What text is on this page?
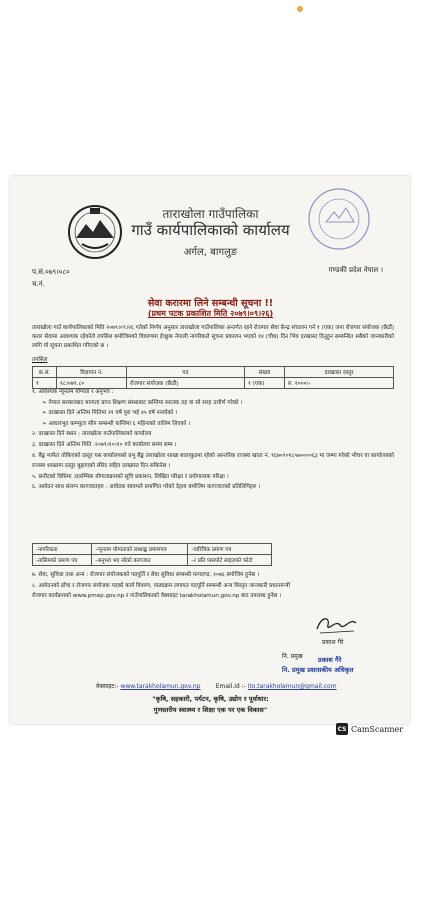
ताराखोला गाउँपालिका
गाउँ कार्यपालिकाको कार्यालय
अर्गल, बागलुङ
प.सं.०७९।०८०
च.नं.
गण्डकी प्रदेश नेपाल ।
सेवा करारमा लिने सम्बन्धी सूचना !!
(प्रथम पटक प्रकाशित मिति २०७९।०९।२६)
ताराखोला गाउँ कार्यपालिकाको मिति २०७९।०९।२६ गतेको निर्णय अनुसार ताराखोला गाउँपालिका अन्तर्गत रहने रोजगार सेवा केन्द्र संचालन गर्न १ (एक) जना रोजगार संयोजक (छैठौं) करार सेवामा आवश्यक रहेकोले तपसिल बमोजिमको विवरणमा ईच्छुक नेपाली नागरिकले सूचना प्रकाशन भएको १४ (चौध) दिन भित्र दरखास्त दिनुहुन सम्बन्धित सबैको जानकारीको लागि यो सूचना प्रकाशित गरिएको छ ।
तपसिल
क.सं.	विज्ञापन नं.	पद	संख्या	दरखास्त दस्तुर
१	१८।०७९.८०	रोजगार संयोजक (छैठौं)	१ (एक)	रु. १०००।-
१. आवश्यक न्यूनतम योग्यता र अनुभव :
➢ नेपाल सरकारबाट मान्यता प्राप्त शिक्षण संस्थाबाट कम्तिमा स्नातक तह वा सो सरह उत्तीर्ण गरेको ।
➢ दरखास्त दिने अन्तिम मितिमा २१ वर्ष पुरा भई ४५ वर्ष ननाघेको ।
➢ आधारभूत कम्प्युटर सीप सम्बन्धी कम्तिमा ६ महिनाको तालिम लिएको ।
२. दरखास्त दिने स्थान : ताराखोला गाउँपालिकाको कार्यालय
३. दरखास्त दिने अन्तिम मिति :२०७९।१०।१० गते कार्यालय समय सम्म ।
४. बैंङ्क मार्फत तोकिएको दस्तुर यस कार्यालयको प्रभु बैंङ्क ताराखोला शाखा बालाकुडमा रहेको आन्तरिक राजस्व खाता नं. १६७०९०१८५७००००६३ मा जम्मा गरेको भौचर वा कार्यालयको राजस्व शाखामा दस्तुर बुझाएको रसिद सहित दरखास्त दिन सकिनेछ ।
५. छनौटको विधिमा :प्रारम्भिक योग्यताक्रमको सूचि प्रकाशन, लिखित परिक्षा र प्रयोगात्मक परिक्षा ।
६. आवेदन साथ संलग्न कागजातहरु : आवेदक स्वयमले प्रमाणित गरेको देहाय बमोजिम कागजातको प्रतिलिपिहरु ।
-नागरिकता	-न्यूनतम योग्यताको लब्धाङ्क प्रमाणपत्र	-चारित्रिक प्रमाण पत्र
-तालिमको प्रमाण पत्र	-अनुभव भए सोको कागजात	-२ प्रति पासपोर्ट साइजको फोटो
७. सेवा, सुविधा तथा अन्य : रोजगार संयोजकको पदपूर्ति र सेवा सुविधा सम्बन्धी मापदण्ड, २०७६ बमोजिम हुनेछ ।
८. आवेदनको ढाँचा र रोजगार संयोजक पदको कार्य विवरण, पाठ्यक्रम लगायत पदपूर्ति सम्बन्धी अन्य विस्तृत जानकारी प्रधानमन्त्री
रोजगार कार्यक्रमको www.pmep.gov.np र गाउँपालिकाको वेबसाइट tarakholamun.gov.np बाट उपलब्ध हुनेछ ।
प्रकाश गैरे
नि. प्रमुख प्रकाश गैरे
नि. प्रमुख प्रशासकीय अधिकृत
वेबसाइट:- www.tarakholamun.gov.np	Email.id :- ito.tarakholamun@gmail.com
"कृषि, सहकारी, पर्यटन, कृषि, उद्योग र पूर्वाधार:
गुणस्तरीय स्वास्थ्य र शिक्षा एक पर एक विकास"
CS CamScanner
